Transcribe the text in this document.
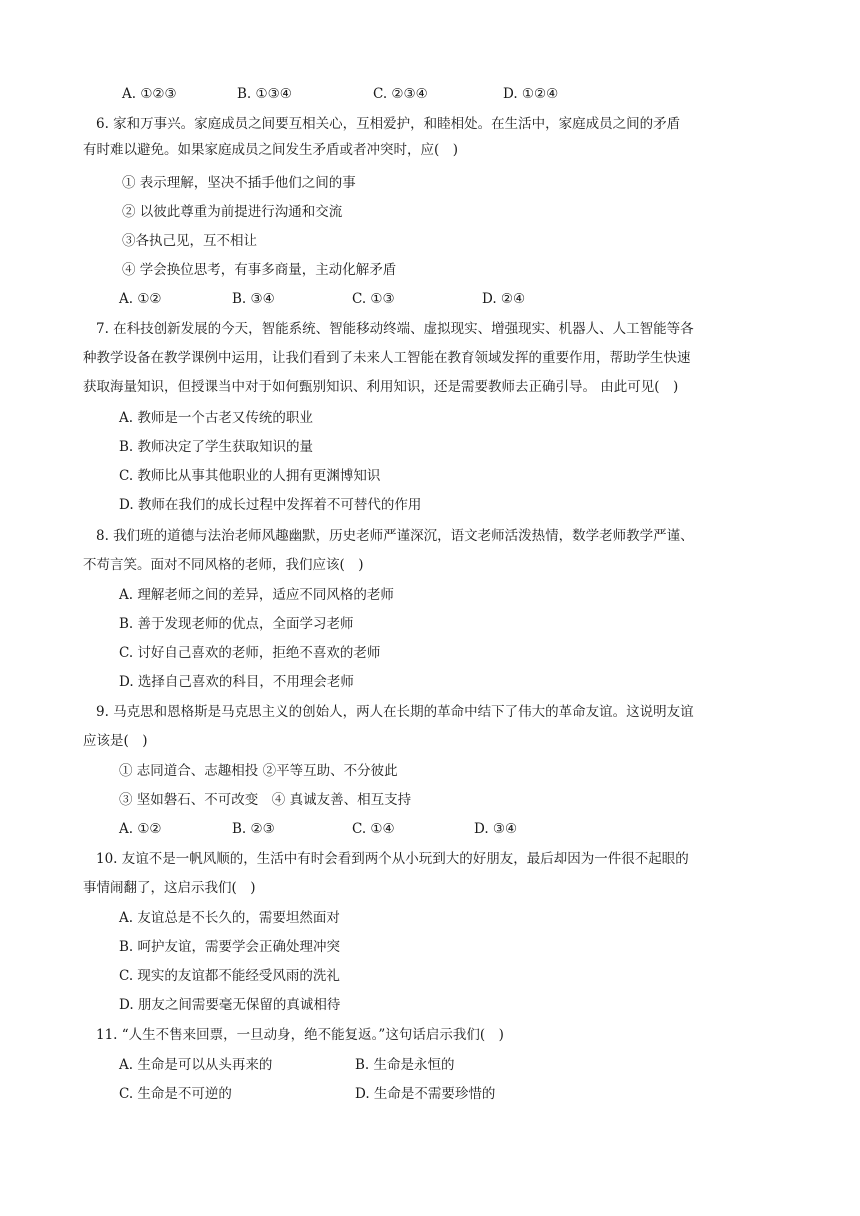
A. ①②③	B. ①③④	C. ②③④	D. ①②④
6. 家和万事兴。家庭成员之间要互相关心，互相爱护，和睦相处。在生活中，家庭成员之间的矛盾
有时难以避免。如果家庭成员之间发生矛盾或者冲突时，应(　)
① 表示理解，坚决不插手他们之间的事
② 以彼此尊重为前提进行沟通和交流
③各执己见，互不相让
④ 学会换位思考，有事多商量，主动化解矛盾
A. ①②	B. ③④	C. ①③	D. ②④
7. 在科技创新发展的今天，智能系统、智能移动终端、虚拟现实、增强现实、机器人、人工智能等各
种教学设备在教学课例中运用，让我们看到了未来人工智能在教育领域发挥的重要作用，帮助学生快速
获取海量知识，但授课当中对于如何甄别知识、利用知识，还是需要教师去正确引导。 由此可见(　)
A. 教师是一个古老又传统的职业
B. 教师决定了学生获取知识的量
C. 教师比从事其他职业的人拥有更渊博知识
D. 教师在我们的成长过程中发挥着不可替代的作用
8. 我们班的道德与法治老师风趣幽默，历史老师严谨深沉，语文老师活泼热情，数学老师教学严谨、
不苟言笑。面对不同风格的老师，我们应该(　)
A. 理解老师之间的差异，适应不同风格的老师
B. 善于发现老师的优点，全面学习老师
C. 讨好自己喜欢的老师，拒绝不喜欢的老师
D. 选择自己喜欢的科目，不用理会老师
9. 马克思和恩格斯是马克思主义的创始人，两人在长期的革命中结下了伟大的革命友谊。这说明友谊
应该是(　)
① 志同道合、志趣相投 ②平等互助、不分彼此
③ 坚如磐石、不可改变　④ 真诚友善、相互支持
A. ①②	B. ②③	C. ①④	D. ③④
10. 友谊不是一帆风顺的，生活中有时会看到两个从小玩到大的好朋友，最后却因为一件很不起眼的
事情闹翻了，这启示我们(　)
A. 友谊总是不长久的，需要坦然面对
B. 呵护友谊，需要学会正确处理冲突
C. 现实的友谊都不能经受风雨的洗礼
D. 朋友之间需要毫无保留的真诚相待
11. “人生不售来回票，一旦动身，绝不能复返。”这句话启示我们(　)
A. 生命是可以从头再来的	B. 生命是永恒的
C. 生命是不可逆的	D. 生命是不需要珍惜的
